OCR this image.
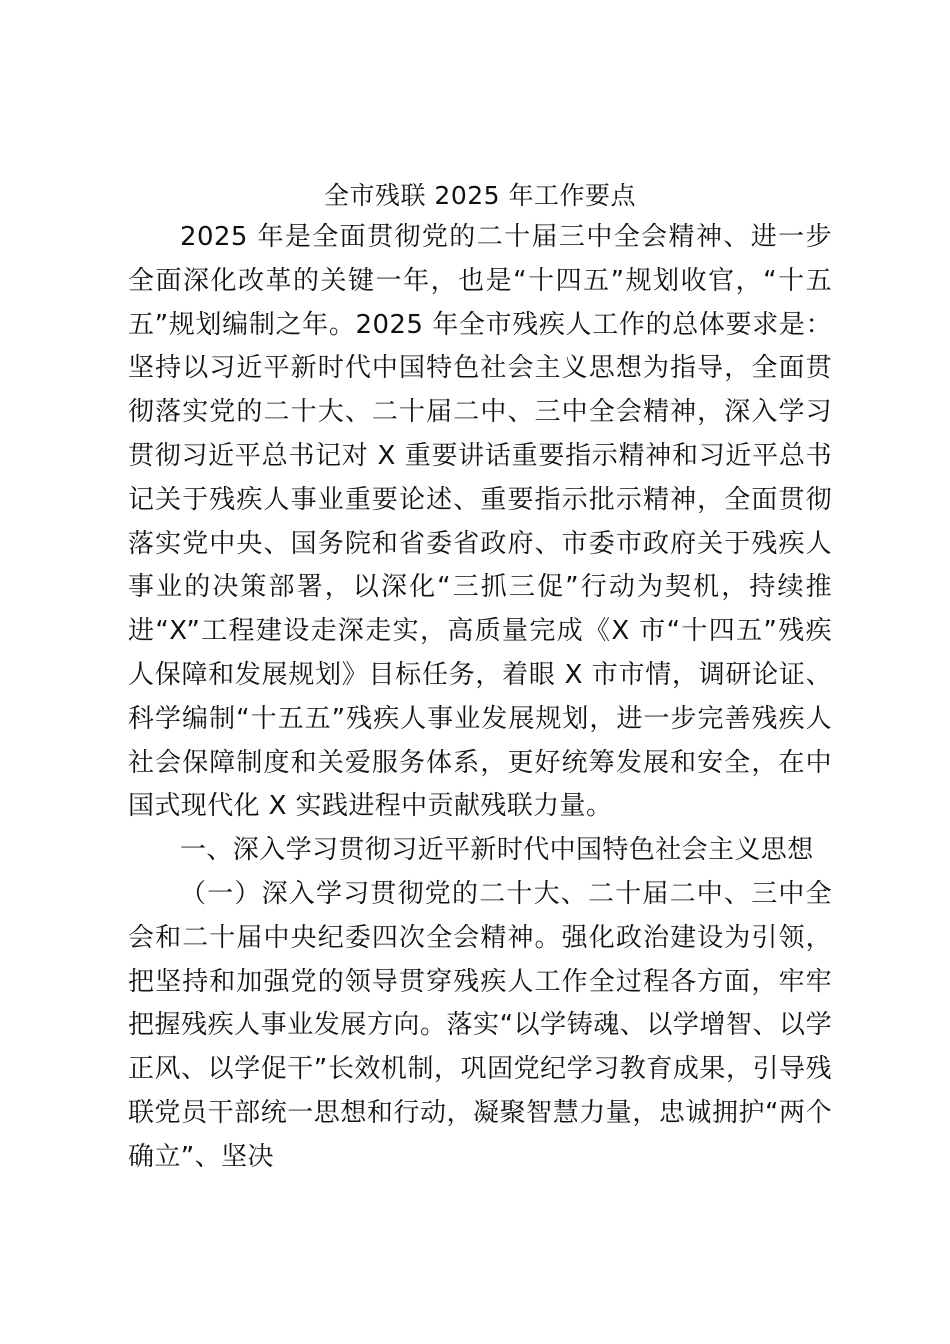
全市残联 2025 年工作要点

2025 年是全面贯彻党的二十届三中全会精神、进一步全面深化改革的关键一年，也是“十四五”规划收官，“十五五”规划编制之年。2025 年全市残疾人工作的总体要求是：坚持以习近平新时代中国特色社会主义思想为指导，全面贯彻落实党的二十大、二十届二中、三中全会精神，深入学习贯彻习近平总书记对 X 重要讲话重要指示精神和习近平总书记关于残疾人事业重要论述、重要指示批示精神，全面贯彻落实党中央、国务院和省委省政府、市委市政府关于残疾人事业的决策部署，以深化“三抓三促”行动为契机，持续推进“X”工程建设走深走实，高质量完成《X 市“十四五”残疾人保障和发展规划》目标任务，着眼 X 市市情，调研论证、科学编制“十五五”残疾人事业发展规划，进一步完善残疾人社会保障制度和关爱服务体系，更好统筹发展和安全，在中国式现代化 X 实践进程中贡献残联力量。

一、深入学习贯彻习近平新时代中国特色社会主义思想

（一）深入学习贯彻党的二十大、二十届二中、三中全会和二十届中央纪委四次全会精神。强化政治建设为引领，把坚持和加强党的领导贯穿残疾人工作全过程各方面，牢牢把握残疾人事业发展方向。落实“以学铸魂、以学增智、以学正风、以学促干”长效机制，巩固党纪学习教育成果，引导残联党员干部统一思想和行动，凝聚智慧力量，忠诚拥护“两个确立”、坚决
